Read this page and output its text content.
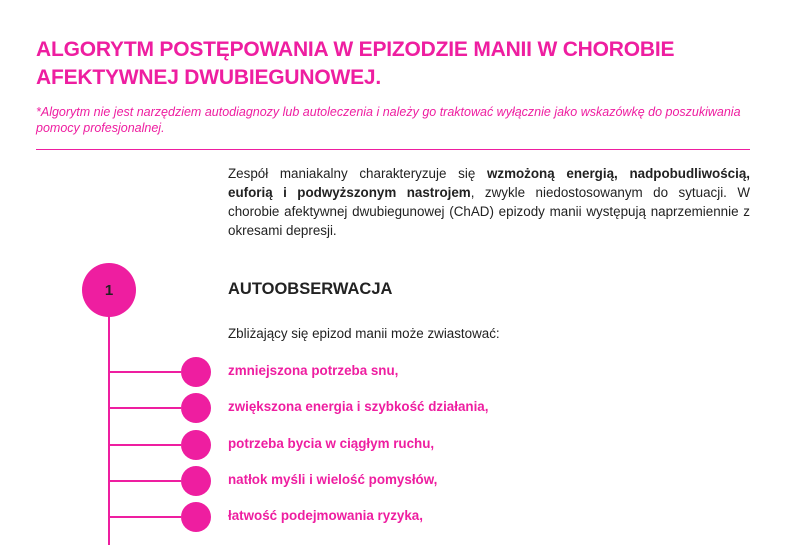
ALGORYTM POSTĘPOWANIA W EPIZODZIE MANII W CHOROBIE AFEKTYWNEJ DWUBIEGUNOWEJ.
*Algorytm nie jest narzędziem autodiagnozy lub autoleczenia i należy go traktować wyłącznie jako wskazówkę do poszukiwania pomocy profesjonalnej.
Zespół maniakalny charakteryzuje się wzmożoną energią, nadpobudliwością, euforią i podwyższonym nastrojem, zwykle niedostosowanym do sytuacji. W chorobie afektywnej dwubiegunowej (ChAD) epizody manii występują naprzemiennie z okresami depresji.
1	AUTOOBSERWACJA
Zbliżający się epizod manii może zwiastować:
zmniejszona potrzeba snu,
zwiększona energia i szybkość działania,
potrzeba bycia w ciągłym ruchu,
natłok myśli i wielość pomysłów,
łatwość podejmowania ryzyka,
